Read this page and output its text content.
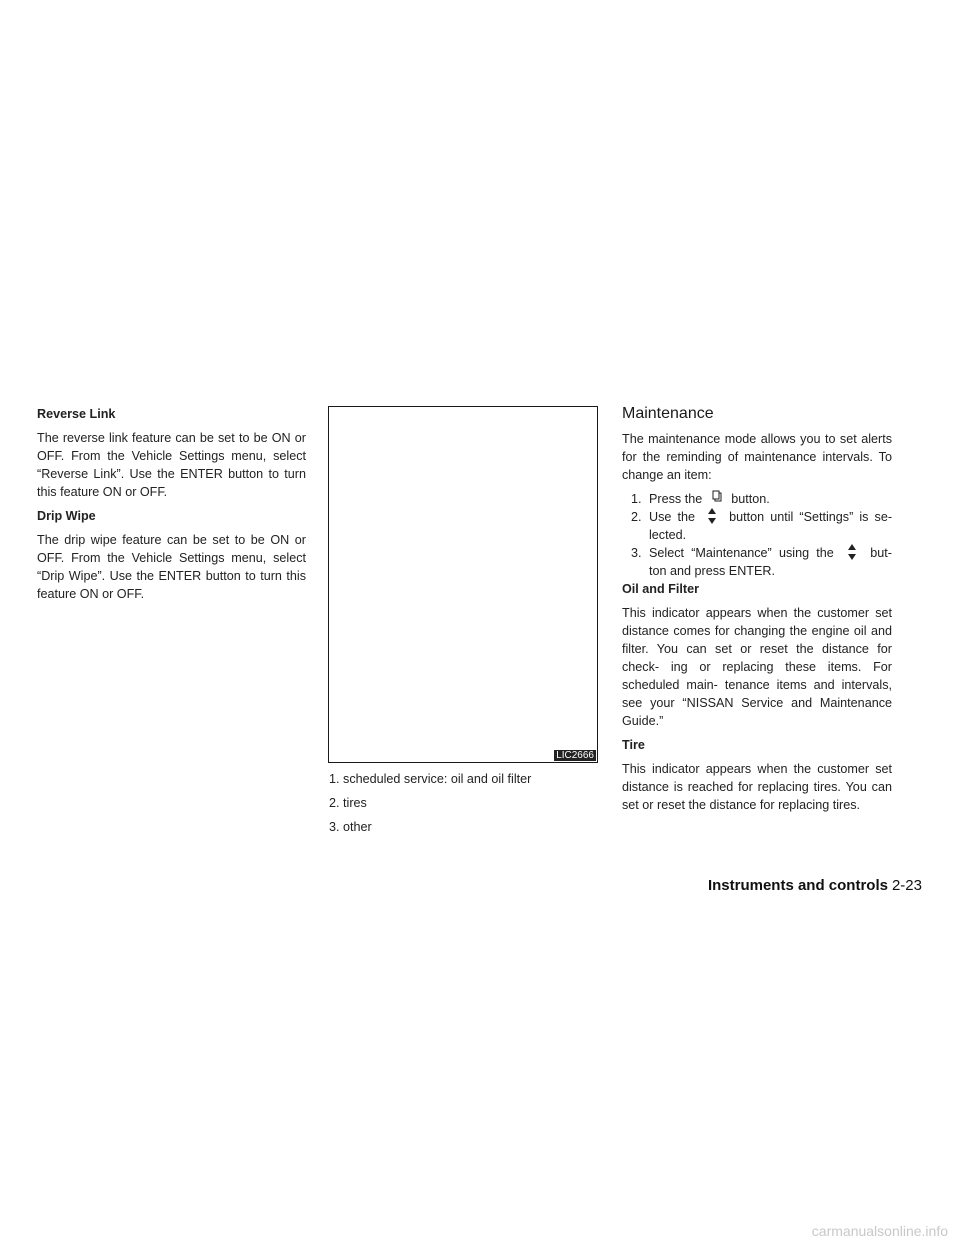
Reverse Link

The reverse link feature can be set to be ON or OFF. From the Vehicle Settings menu, select “Reverse Link”. Use the ENTER button to turn this feature ON or OFF.

Drip Wipe

The drip wipe feature can be set to be ON or OFF. From the Vehicle Settings menu, select “Drip Wipe”. Use the ENTER button to turn this feature ON or OFF.

LIC2666
1. scheduled service: oil and oil filter
2. tires
3. other
Maintenance

The maintenance mode allows you to set alerts for the reminding of maintenance intervals. To change an item:

1. Press the button.

2. Use the	button until “Settings” is se- lected.

3. Select “Maintenance” using the	but- ton and press ENTER.

Oil and Filter

This indicator appears when the customer set distance comes for changing the engine oil and filter. You can set or reset the distance for check- ing or replacing these items. For scheduled main- tenance items and intervals, see your “NISSAN Service and Maintenance Guide.”

Tire

This indicator appears when the customer set distance is reached for replacing tires. You can set or reset the distance for replacing tires.

Instruments and controls 2-23
carmanualsonline.info
